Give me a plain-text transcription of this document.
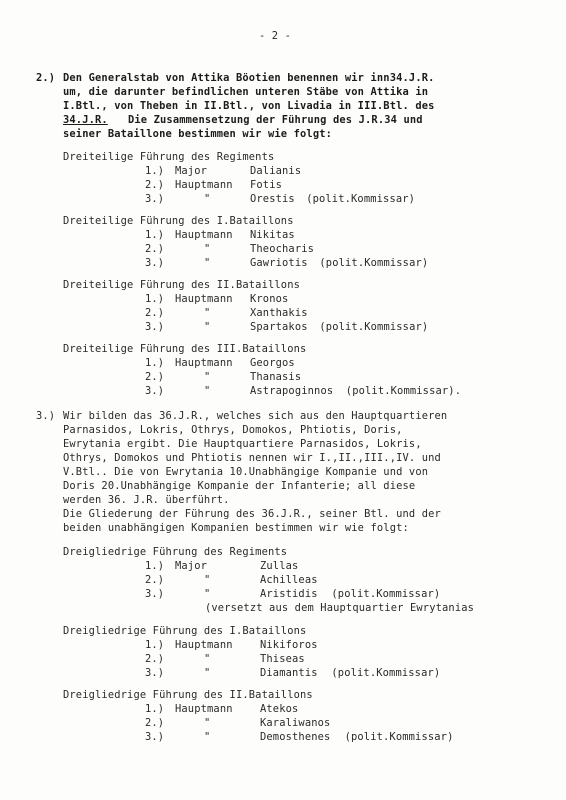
- 2 -
2.) Den Generalstab von Attika Böotien benennen wir inn34.J.R.
um, die darunter befindlichen unteren Stäbe von Attika in
I.Btl., von Theben in II.Btl., von Livadia in III.Btl. des
34.J.R. Die Zusammensetzung der Führung des J.R.34 und
seiner Bataillone bestimmen wir wie folgt:
Dreiteilige Führung des Regiments
1.) Major	Dalianis
2.) Hauptmann Fotis
3.)	"	Orestis (polit.Kommissar)
Dreiteilige Führung des I.Bataillons
1.) Hauptmann Nikitas
2.)	"	Theocharis
3.)	"	Gawriotis (polit.Kommissar)
Dreiteilige Führung des II.Bataillons
1.) Hauptmann Kronos
2.)	"	Xanthakis
3.)	"	Spartakos (polit.Kommissar)
Dreiteilige Führung des III.Bataillons
1.) Hauptmann Georgos
2.)	"	Thanasis
3.)	"	Astrapoginnos (polit.Kommissar).
3.) Wir bilden das 36.J.R., welches sich aus den Hauptquartieren
Parnasidos, Lokris, Othrys, Domokos, Phtiotis, Doris,
Ewrytania ergibt. Die Hauptquartiere Parnasidos, Lokris,
Othrys, Domokos und Phtiotis nennen wir I.,II.,III.,IV. und
V.Btl.. Die von Ewrytania 10.Unabhängige Kompanie und von
Doris 20.Unabhängige Kompanie der Infanterie; all diese
werden 36. J.R. überführt.
Die Gliederung der Führung des 36.J.R., seiner Btl. und der
beiden unabhängigen Kompanien bestimmen wir wie folgt:
Dreigliedrige Führung des Regiments
1.) Major	Zullas
2.)	"	Achilleas
3.)	"	Aristidis (polit.Kommissar)
(versetzt aus dem Hauptquartier Ewrytanias
Dreigliedrige Führung des I.Bataillons
1.) Hauptmann	Nikiforos
2.)	"	Thiseas
3.)	"	Diamantis (polit.Kommissar)
Dreigliedrige Führung des II.Bataillons
1.) Hauptmann	Atekos
2.)	"	Karaliwanos
3.)	"	Demosthenes (polit.Kommissar)
